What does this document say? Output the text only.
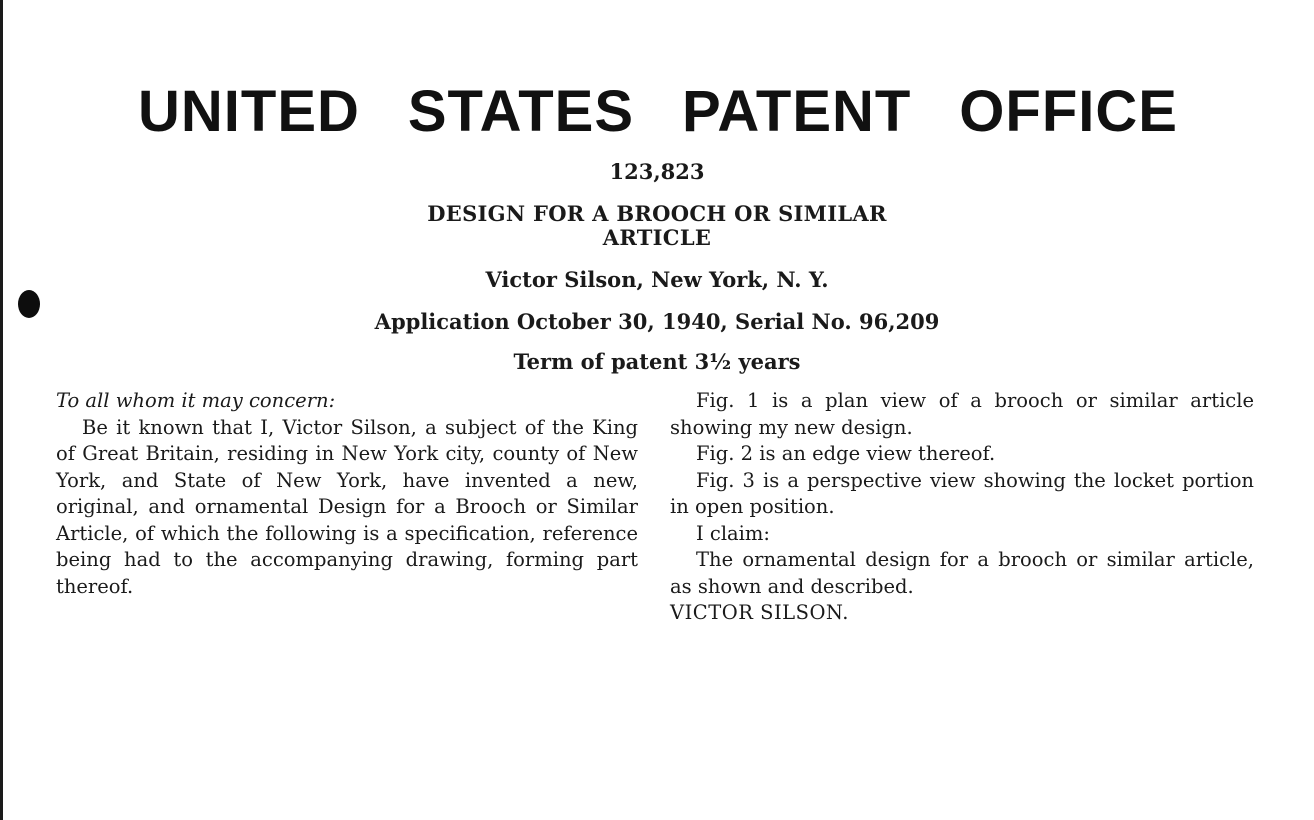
UNITED STATES PATENT OFFICE
123,823
DESIGN FOR A BROOCH OR SIMILAR
ARTICLE
Victor Silson, New York, N. Y.
Application October 30, 1940, Serial No. 96,209
Term of patent 3½ years

To all whom it may concern:

Be it known that I, Victor Silson, a subject of the King of Great Britain, residing in New York city, county of New York, and State of New York, have invented a new, original, and ornamental Design for a Brooch or Similar Article, of which the following is a specification, reference being had to the accompanying drawing, forming part thereof.

Fig. 1 is a plan view of a brooch or similar article showing my new design.

Fig. 2 is an edge view thereof.

Fig. 3 is a perspective view showing the locket portion in open position.

I claim:

The ornamental design for a brooch or similar article, as shown and described.

VICTOR SILSON.
